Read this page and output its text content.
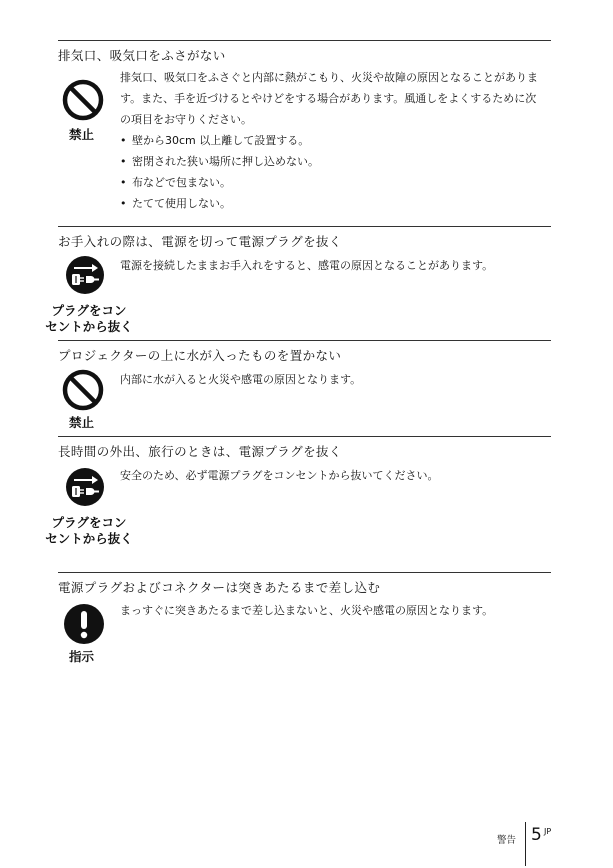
排気口、吸気口をふさがない
禁止
排気口、吸気口をふさぐと内部に熱がこもり、火災や故障の原因となることがあります。また、手を近づけるとやけどをする場合があります。風通しをよくするために次の項目をお守りください。
• 壁から30cm 以上離して設置する。
• 密閉された狭い場所に押し込めない。
• 布などで包まない。
• たてて使用しない。
お手入れの際は、電源を切って電源プラグを抜く
プラグをコン
セントから抜く
電源を接続したままお手入れをすると、感電の原因となることがあります。
プロジェクターの上に水が入ったものを置かない
禁止
内部に水が入ると火災や感電の原因となります。
長時間の外出、旅行のときは、電源プラグを抜く
プラグをコン
セントから抜く
安全のため、必ず電源プラグをコンセントから抜いてください。
電源プラグおよびコネクターは突きあたるまで差し込む
指示
まっすぐに突きあたるまで差し込まないと、火災や感電の原因となります。
警告 5 JP
